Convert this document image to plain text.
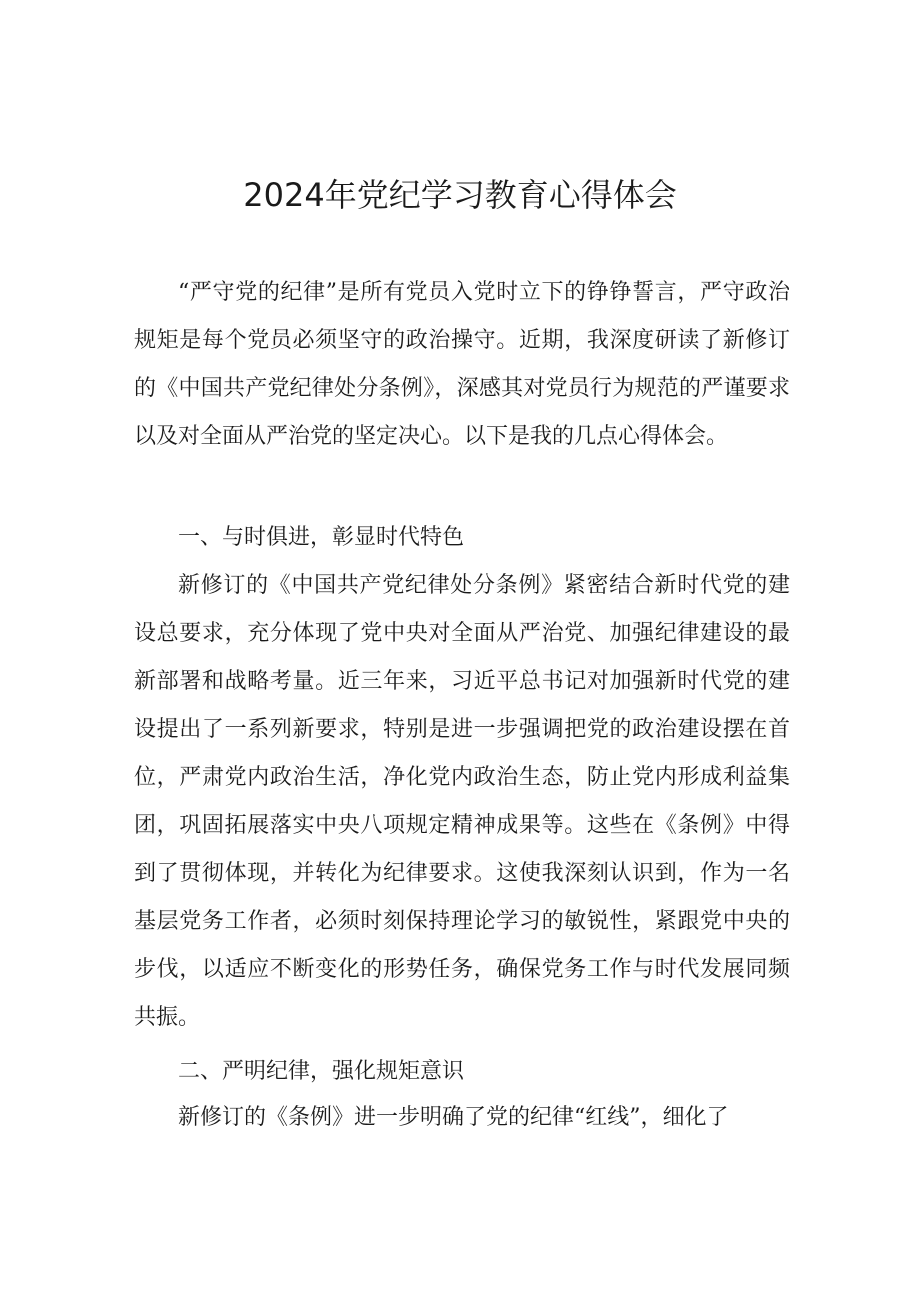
2024年党纪学习教育心得体会

“严守党的纪律”是所有党员入党时立下的铮铮誓言，严守政治规矩是每个党员必须坚守的政治操守。近期，我深度研读了新修订的《中国共产党纪律处分条例》，深感其对党员行为规范的严谨要求以及对全面从严治党的坚定决心。以下是我的几点心得体会。

一、与时俱进，彰显时代特色

新修订的《中国共产党纪律处分条例》紧密结合新时代党的建设总要求，充分体现了党中央对全面从严治党、加强纪律建设的最新部署和战略考量。近三年来，习近平总书记对加强新时代党的建设提出了一系列新要求，特别是进一步强调把党的政治建设摆在首位，严肃党内政治生活，净化党内政治生态，防止党内形成利益集团，巩固拓展落实中央八项规定精神成果等。这些在《条例》中得到了贯彻体现，并转化为纪律要求。这使我深刻认识到，作为一名基层党务工作者，必须时刻保持理论学习的敏锐性，紧跟党中央的步伐，以适应不断变化的形势任务，确保党务工作与时代发展同频共振。

二、严明纪律，强化规矩意识

新修订的《条例》进一步明确了党的纪律“红线”，细化了
